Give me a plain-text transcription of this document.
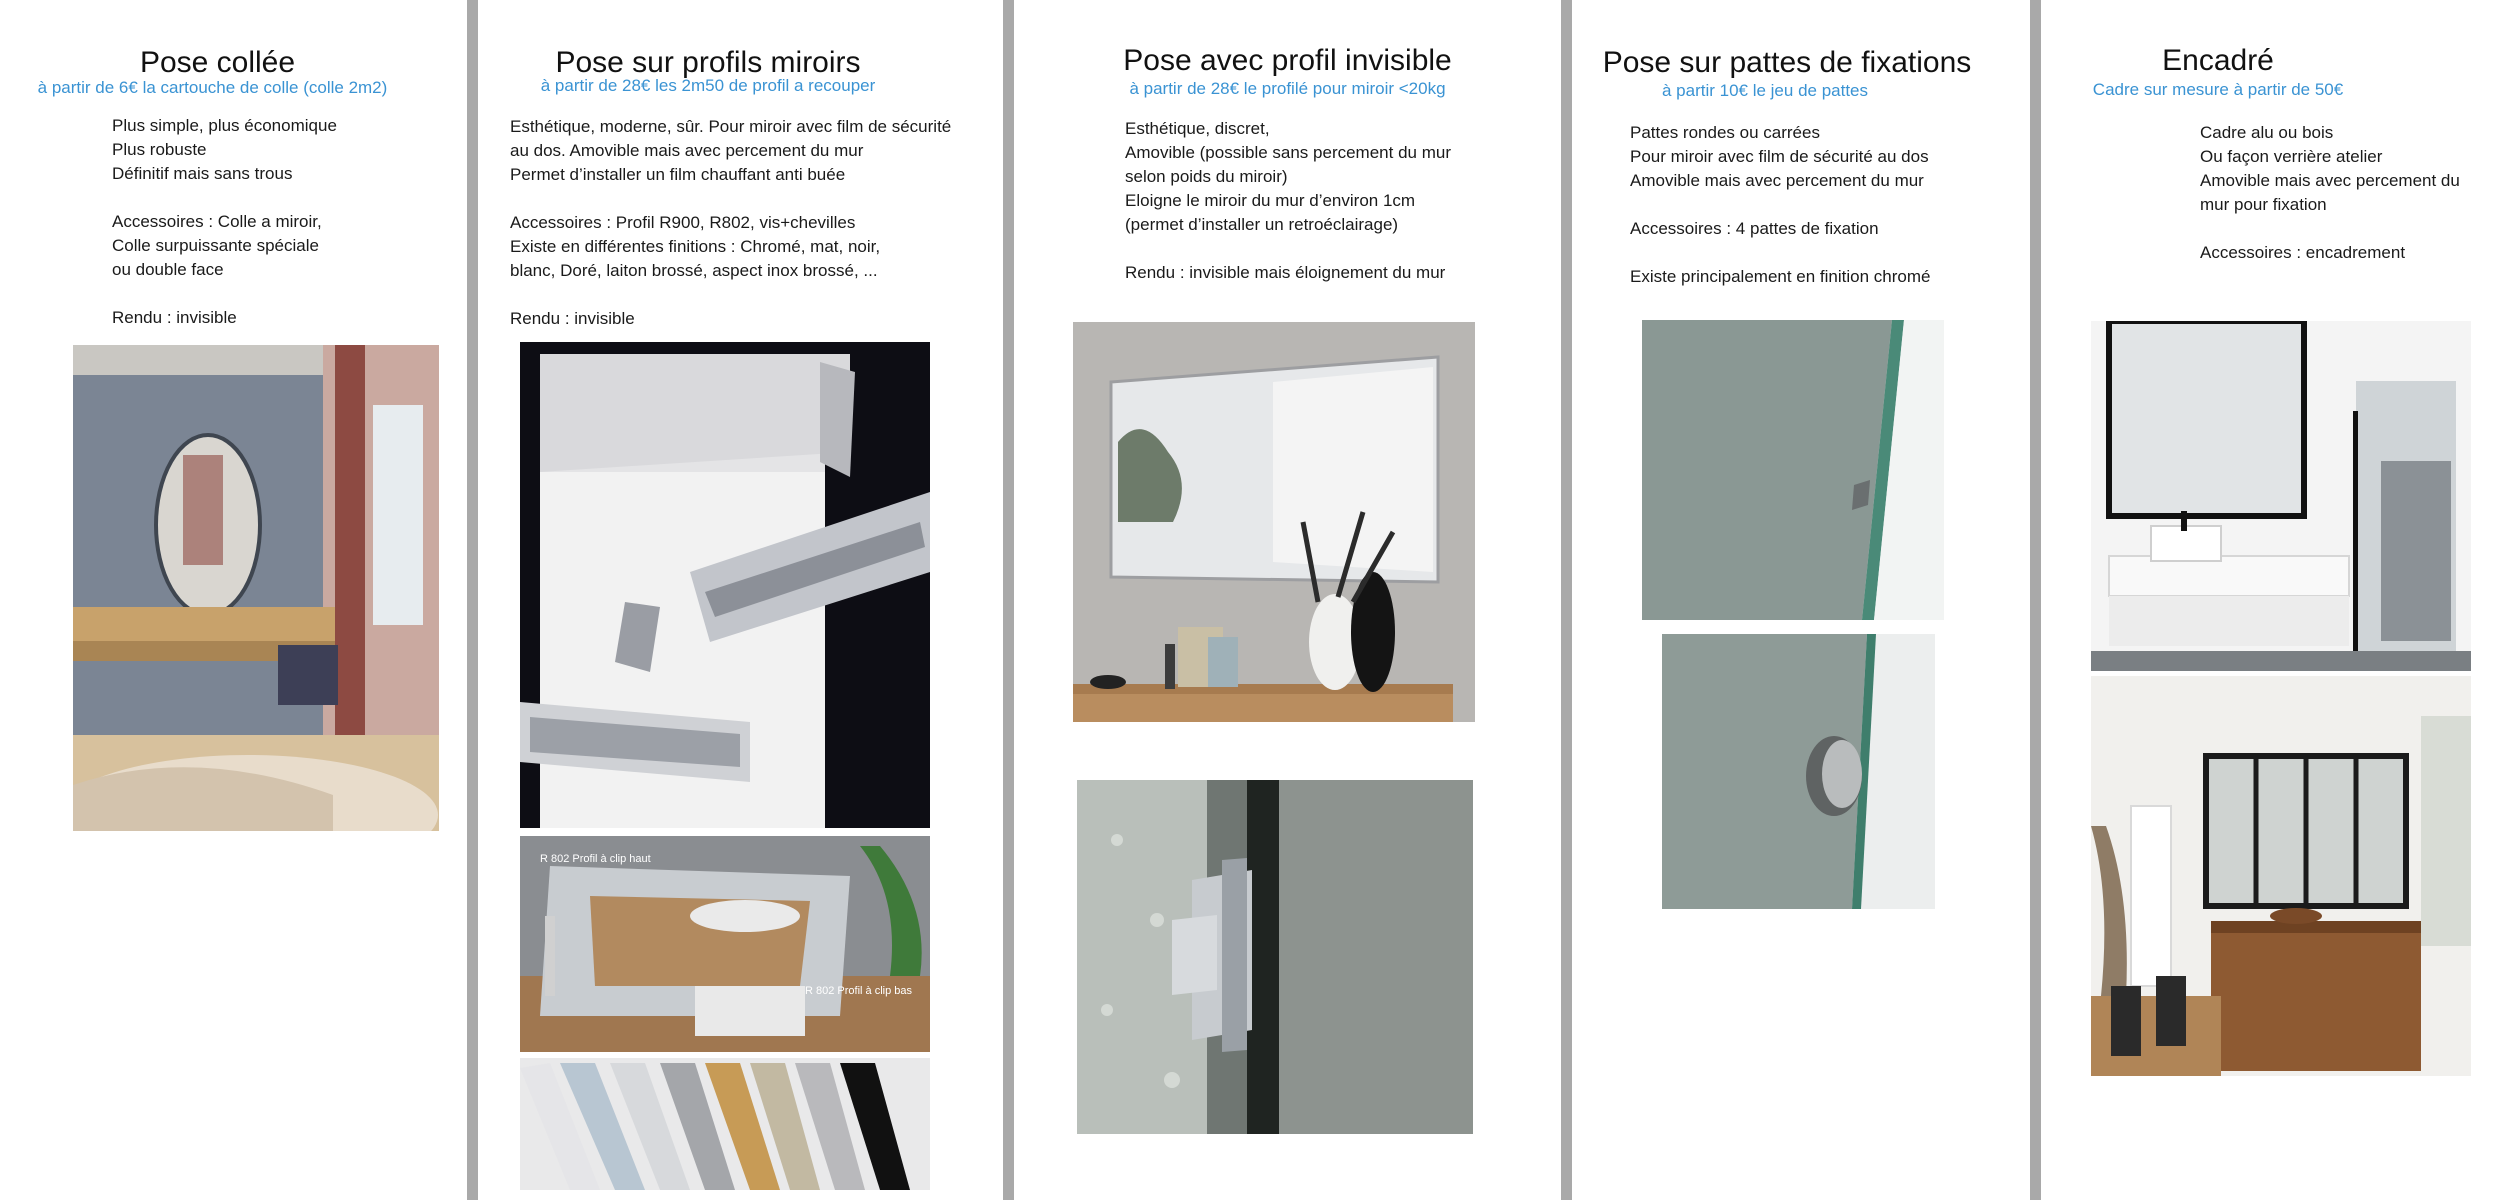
Pose collée
à partir de 6€ la cartouche de colle (colle 2m2)
Plus simple, plus économique
Plus robuste
Définitif mais sans trous
Accessoires : Colle a miroir,
Colle surpuissante spéciale
ou double face
Rendu : invisible
Pose sur profils miroirs
à partir de 28€ les 2m50 de profil a recouper
Esthétique, moderne, sûr. Pour miroir avec film de sécurité
au dos. Amovible mais avec percement du mur
Permet d’installer un film chauffant anti buée
Accessoires : Profil R900, R802, vis+chevilles
Existe en différentes finitions : Chromé, mat, noir,
blanc, Doré, laiton brossé, aspect inox brossé, ...
Rendu : invisible
R 802 Profil à clip haut
R 802 Profil à clip bas
Pose avec profil invisible
à partir de 28€ le profilé pour miroir <20kg
Esthétique, discret,
Amovible (possible sans percement du mur
selon poids du miroir)
Eloigne le miroir du mur d’environ 1cm
(permet d’installer un retroéclairage)
Rendu : invisible mais éloignement du mur
Pose sur pattes de fixations
à partir 10€ le jeu de pattes
Pattes rondes ou carrées
Pour miroir avec film de sécurité au dos
Amovible mais avec percement du mur
Accessoires : 4 pattes de fixation
Existe principalement en finition chromé
Encadré
Cadre sur mesure à partir de 50€
Cadre alu ou bois
Ou façon verrière atelier
Amovible mais avec percement du
mur pour fixation
Accessoires : encadrement
